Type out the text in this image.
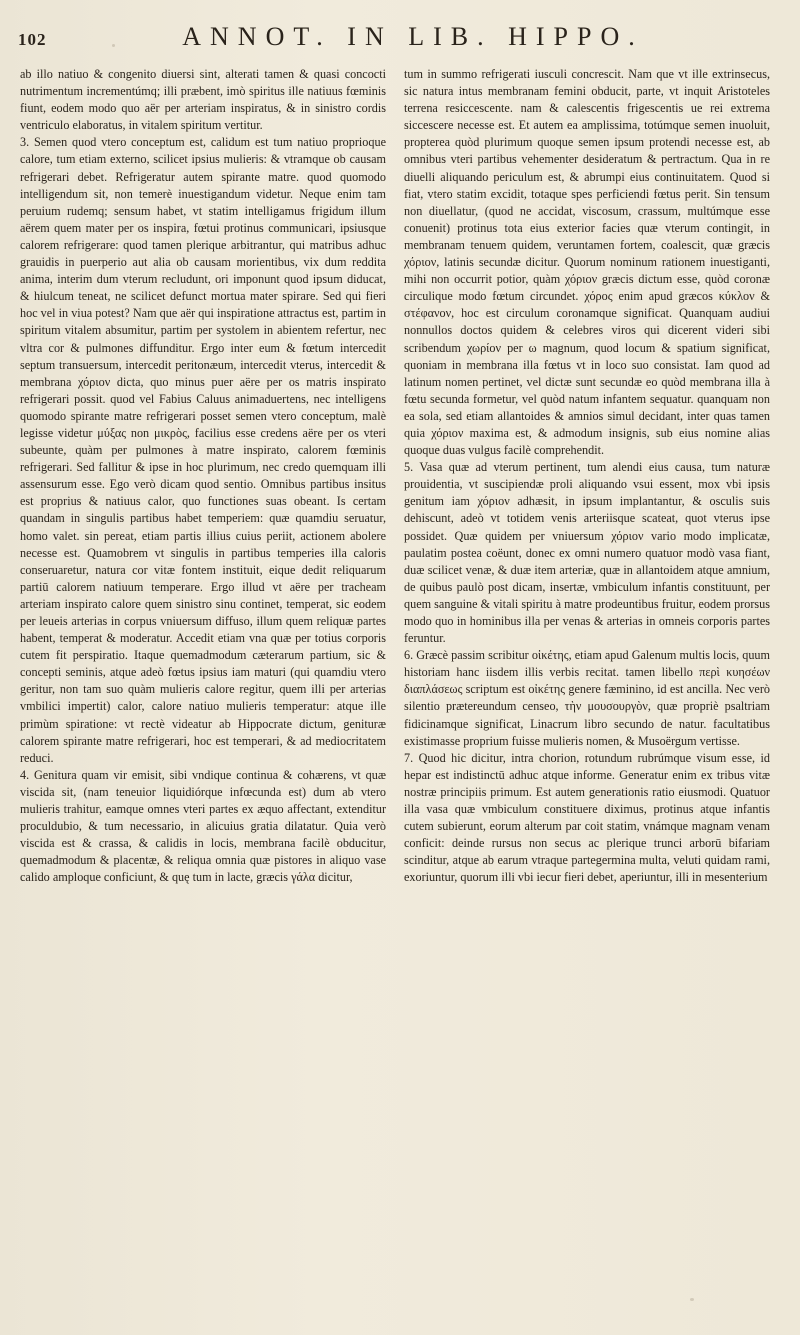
102	ANNOT. IN LIB. HIPPO.

ab illo natiuo & congenito diuersi sint, alterati tamen & quasi concocti nutrimentum incrementúmq; illi præbent, imò spiritus ille natiuus fœminis fiunt, eodem modo quo aër per arteriam inspiratus, & in sinistro cordis ventriculo elaboratus, in vitalem spiritum vertitur.

3. Semen quod vtero conceptum est, calidum est tum natiuo proprioque calore, tum etiam externo, scilicet ipsius mulieris: & vtramque ob causam refrigerari debet. Refrigeratur autem spirante matre. quod quomodo intelligendum sit, non temerè inuestigandum videtur. Neque enim tam peruium rudemq; sensum habet, vt statim intelligamus frigidum illum aërem quem mater per os inspira, fœtui protinus communicari, ipsiusque calorem refrigerare: quod tamen plerique arbitrantur, qui matribus adhuc grauidis in puerperio aut alia ob causam morientibus, vix dum reddita anima, interim dum vterum recludunt, ori imponunt quod ipsum diducat, & hiulcum teneat, ne scilicet defunct mortua mater spirare. Sed qui fieri hoc vel in viua potest? Nam que aër qui inspiratione attractus est, partim in spiritum vitalem absumitur, partim per systolem in abientem refertur, nec vltra cor & pulmones diffunditur. Ergo inter eum & fœtum intercedit septum transuersum, intercedit peritonæum, intercedit vterus, intercedit & membrana χόριον dicta, quo minus puer aëre per os matris inspirato refrigerari possit. quod vel Fabius Caluus animaduertens, nec intelligens quomodo spirante matre refrigerari posset semen vtero conceptum, malè legisse videtur μύξας non μικρὸς, facilius esse credens aëre per os vteri subeunte, quàm per pulmones à matre inspirato, calorem fœminis refrigerari. Sed fallitur & ipse in hoc plurimum, nec credo quemquam illi assensurum esse. Ego verò dicam quod sentio. Omnibus partibus insitus est proprius & natiuus calor, quo functiones suas obeant. Is certam quandam in singulis partibus habet temperiem: quæ quamdiu seruatur, homo valet. sin pereat, etiam partis illius cuius periit, actionem abolere necesse est. Quamobrem vt singulis in partibus temperies illa caloris conseruaretur, natura cor vitæ fontem instituit, eique dedit reliquarum partiū calorem natiuum temperare. Ergo illud vt aëre per tracheam arteriam inspirato calore quem sinistro sinu continet, temperat, sic eodem per leueis arterias in corpus vniuersum diffuso, illum quem reliquæ partes habent, temperat & moderatur. Accedit etiam vna quæ per totius corporis cutem fit perspiratio. Itaque quemadmodum cæterarum partium, sic & concepti seminis, atque adeò fœtus ipsius iam maturi (qui quamdiu vtero geritur, non tam suo quàm mulieris calore regitur, quem illi per arterias vmbilici impertit) calor, calore natiuo mulieris temperatur: atque ille primùm spiratione: vt rectè videatur ab Hippocrate dictum, genituræ calorem spirante matre refrigerari, hoc est temperari, & ad mediocritatem reduci.

4. Genitura quam vir emisit, sibi vndique continua & cohærens, vt quæ viscida sit, (nam teneuior liquidiórque infœcunda est) dum ab vtero mulieris trahitur, eamque omnes vteri partes ex æquo affectant, extenditur proculdubio, & tum necessario, in alicuius gratia dilatatur. Quia verò viscida est & crassa, & calidis in locis, membrana facilè obducitur, quemadmodum & placentæ, & reliqua omnia quæ pistores in aliquo vase calido amploque conficiunt, & quę tum in lacte, græcis γάλα dicitur,

tum in summo refrigerati iusculi concrescit. Nam que vt ille extrinsecus, sic natura intus membranam femini obducit, parte, vt inquit Aristoteles terrena resiccescente. nam & calescentis frigescentis ue rei extrema siccescere necesse est. Et autem ea amplissima, totúmque semen inuoluit, propterea quòd plurimum quoque semen ipsum protendi necesse est, ab omnibus vteri partibus vehementer desideratum & pertractum. Qua in re diuelli aliquando periculum est, & abrumpi eius continuitatem. Quod si fiat, vtero statim excidit, totaque spes perficiendi fœtus perit. Sin tensum non diuellatur, (quod ne accidat, viscosum, crassum, multúmque esse conuenit) protinus tota eius exterior facies quæ vterum contingit, in membranam tenuem quidem, veruntamen fortem, coalescit, quæ græcis χόριον, latinis secundæ dicitur. Quorum nominum rationem inuestiganti, mihi non occurrit potior, quàm χόριον græcis dictum esse, quòd coronæ circulique modo fœtum circundet. χόρος enim apud græcos κύκλον & στέφανον, hoc est circulum coronamque significat. Quanquam audiui nonnullos doctos quidem & celebres viros qui dicerent videri sibi scribendum χωρίον per ω magnum, quod locum & spatium significat, quoniam in membrana illa fœtus vt in loco suo consistat. Iam quod ad latinum nomen pertinet, vel dictæ sunt secundæ eo quòd membrana illa à fœtu secunda formetur, vel quòd natum infantem sequatur. quanquam non ea sola, sed etiam allantoides & amnios simul decidant, inter quas tamen quia χόριον maxima est, & admodum insignis, sub eius nomine alias quoque duas vulgus facilè comprehendit.

5. Vasa quæ ad vterum pertinent, tum alendi eius causa, tum naturæ prouidentia, vt suscipiendæ proli aliquando vsui essent, mox vbi ipsis genitum iam χόριον adhæsit, in ipsum implantantur, & osculis suis dehiscunt, adeò vt totidem venis arteriisque scateat, quot vterus ipse possidet. Quæ quidem per vniuersum χόριον vario modo implicatæ, paulatim postea coëunt, donec ex omni numero quatuor modò vasa fiant, duæ scilicet venæ, & duæ item arteriæ, quæ in allantoidem atque amnium, de quibus paulò post dicam, insertæ, vmbiculum infantis constituunt, per quem sanguine & vitali spiritu à matre prodeuntibus fruitur, eodem prorsus modo quo in hominibus illa per venas & arterias in omneis corporis partes feruntur.

6. Græcè passim scribitur οἰκέτης, etiam apud Galenum multis locis, quum historiam hanc iisdem illis verbis recitat. tamen libello περὶ κυησέων διαπλάσεως scriptum est οἰκέτης genere fæminino, id est ancilla. Nec verò silentio prætereundum censeo, τὴν μουσουργὸν, quæ propriè psaltriam fidicinamque significat, Linacrum libro secundo de natur. facultatibus existimasse proprium fuisse mulieris nomen, & Musoërgum vertisse.

7. Quod hic dicitur, intra chorion, rotundum rubrúmque visum esse, id hepar est indistinctū adhuc atque informe. Generatur enim ex tribus vitæ nostræ principiis primum. Est autem generationis ratio eiusmodi. Quatuor illa vasa quæ vmbiculum constituere diximus, protinus atque infantis cutem subierunt, eorum alterum par coit statim, vnámque magnam venam conficit: deinde rursus non secus ac plerique trunci arborū bifariam scinditur, atque ab earum vtraque partegermina multa, veluti quidam rami, exoriuntur, quorum illi vbi iecur fieri debet, aperiuntur, illi in mesenterium
